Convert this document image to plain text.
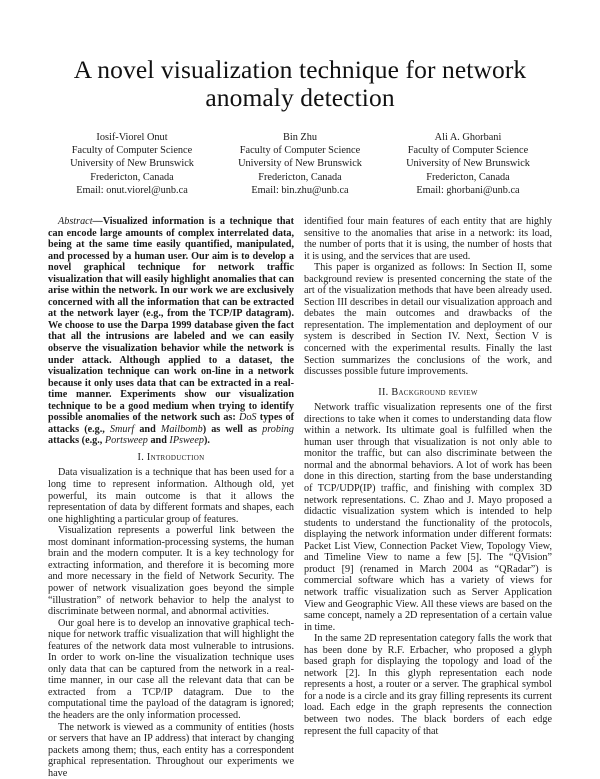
A novel visualization technique for network
anomaly detection
Iosif-Viorel Onut
Faculty of Computer Science
University of New Brunswick
Fredericton, Canada
Email: onut.viorel@unb.ca
Bin Zhu
Faculty of Computer Science
University of New Brunswick
Fredericton, Canada
Email: bin.zhu@unb.ca
Ali A. Ghorbani
Faculty of Computer Science
University of New Brunswick
Fredericton, Canada
Email: ghorbani@unb.ca

Abstract—Visualized information is a technique that can encode large amounts of complex interrelated data, being at the same time easily quantified, manipulated, and processed by a human user. Our aim is to develop a novel graphical technique for network traffic visualization that will easily highlight anomalies that can arise within the network. In our work we are exclusively concerned with all the information that can be extracted at the network layer (e.g., from the TCP/IP datagram). We choose to use the Darpa 1999 database given the fact that all the intrusions are labeled and we can easily observe the visualization behavior while the network is under attack. Although applied to a dataset, the visualization technique can work on-line in a network because it only uses data that can be extracted in a real-time manner. Experiments show our visualization technique to be a good medium when trying to identify possible anomalies of the network such as: DoS types of attacks (e.g., Smurf and Mailbomb) as well as probing attacks (e.g., Portsweep and IPsweep).

I. Introduction

Data visualization is a technique that has been used for a long time to represent information. Although old, yet powerful, its main outcome is that it allows the representation of data by different formats and shapes, each one highlighting a particular group of features.

Visualization represents a powerful link between the most dominant information-processing systems, the human brain and the modern computer. It is a key technology for extracting information, and therefore it is becoming more and more necessary in the field of Network Security. The power of network visualization goes beyond the simple “illustration” of network behavior to help the analyst to discriminate between normal, and abnormal activities.

Our goal here is to develop an innovative graphical technique for network traffic visualization that will highlight the features of the network data most vulnerable to intrusions. In order to work on-line the visualization technique uses only data that can be captured from the network in a real-time manner, in our case all the relevant data that can be extracted from a TCP/IP datagram. Due to the computational time the payload of the datagram is ignored; the headers are the only information processed.

The network is viewed as a community of entities (hosts or servers that have an IP address) that interact by changing packets among them; thus, each entity has a correspondent graphical representation. Throughout our experiments we have

identified four main features of each entity that are highly sensitive to the anomalies that arise in a network: its load, the number of ports that it is using, the number of hosts that it is using, and the services that are used.

This paper is organized as follows: In Section II, some background review is presented concerning the state of the art of the visualization methods that have been already used. Section III describes in detail our visualization approach and debates the main outcomes and drawbacks of the representation. The implementation and deployment of our system is described in Section IV. Next, Section V is concerned with the experimental results. Finally the last Section summarizes the conclusions of the work, and discusses possible future improvements.

II. Background review

Network traffic visualization represents one of the first directions to take when it comes to understanding data flow within a network. Its ultimate goal is fulfilled when the human user through that visualization is not only able to monitor the traffic, but can also discriminate between the normal and the abnormal behaviors. A lot of work has been done in this direction, starting from the base understanding of TCP/UDP(IP) traffic, and finishing with complex 3D network representations. C. Zhao and J. Mayo proposed a didactic visualization system which is intended to help students to understand the functionality of the protocols, displaying the network information under different formats: Packet List View, Connection Packet View, Topology View, and Timeline View to name a few [5]. The “QVision” product [9] (renamed in March 2004 as “QRadar”) is commercial software which has a variety of views for network traffic visualization such as Server Application View and Geographic View. All these views are based on the same concept, namely a 2D representation of a certain value in time.

In the same 2D representation category falls the work that has been done by R.F. Erbacher, who proposed a glyph based graph for displaying the topology and load of the network [2]. In this glyph representation each node represents a host, a router or a server. The graphical symbol for a node is a circle and its gray filling represents its current load. Each edge in the graph represents the connection between two nodes. The black borders of each edge represent the full capacity of that
